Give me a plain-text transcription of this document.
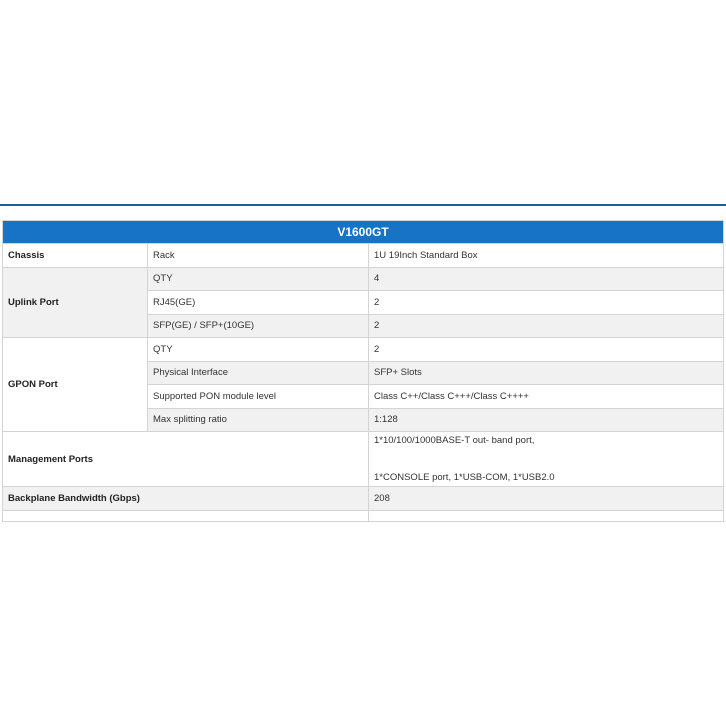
V1600GT		
Chassis	Rack	1U 19Inch Standard Box
Uplink Port	QTY	4
	RJ45(GE)	2
	SFP(GE) / SFP+(10GE)	2
GPON Port	QTY	2
	Physical Interface	SFP+ Slots
	Supported PON module level	Class C++/Class C+++/Class C++++
	Max splitting ratio	1:128
Management Ports		1*10/100/1000BASE-T out- band port,
1*CONSOLE port, 1*USB-COM, 1*USB2.0

Backplane Bandwidth (Gbps)		208
